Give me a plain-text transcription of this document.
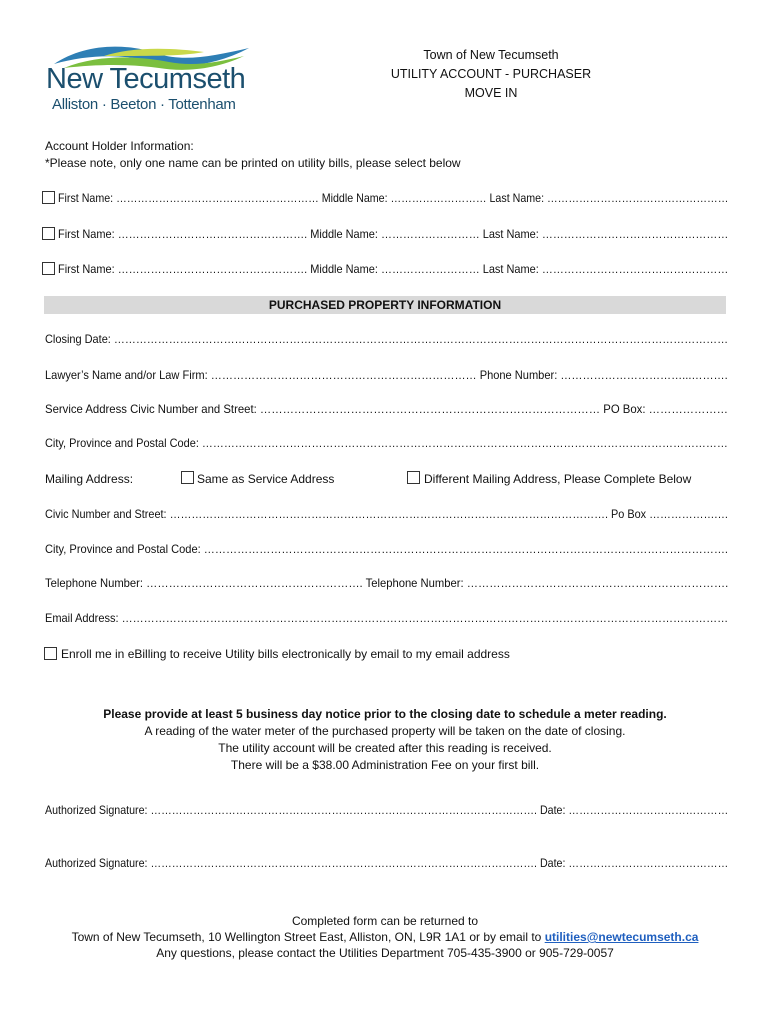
New Tecumseth
Alliston · Beeton · Tottenham
Town of New Tecumseth
UTILITY ACCOUNT - PURCHASER
MOVE IN
Account Holder Information:
*Please note, only one name can be printed on utility bills, please select below
First Name: ………………………………………………… Middle Name: ……………………… Last Name: ……………………………………………
First Name: ……………………………………………. Middle Name: ……………………… Last Name: ……………………………………………
First Name: ……………………………………………. Middle Name: ……………………… Last Name: ……………………………………………
PURCHASED PROPERTY INFORMATION
Closing Date: ……………………………………………………………………………………………………………………………………………………
Lawyer’s Name and/or Law Firm: ……………………………………………………………… Phone Number: ……………………………...……….
Service Address Civic Number and Street: ……………………………………………………………………………… PO Box: …………………
City, Province and Postal Code: ………………………………………………………………………………………………………………………………
Mailing Address:	Same as Service Address	Different Mailing Address, Please Complete Below
Civic Number and Street: …………………………………………………………………………………………………………. Po Box ……………….…
City, Province and Postal Code: …………………………………………………………………………………………………………………………….
Telephone Number: …………………………………………………. Telephone Number: …………………………………………………………….
Email Address: …………………………………………………………………………………………………………………………………………………
Enroll me in eBilling to receive Utility bills electronically by email to my email address
Please provide at least 5 business day notice prior to the closing date to schedule a meter reading.
A reading of the water meter of the purchased property will be taken on the date of closing.
The utility account will be created after this reading is received.
There will be a $38.00 Administration Fee on your first bill.
Authorized Signature: ………………………………………………………………………………………………. Date: ………………………………………
Authorized Signature: ………………………………………………………………………………………………. Date: ………………………………………
Completed form can be returned to
Town of New Tecumseth, 10 Wellington Street East, Alliston, ON, L9R 1A1 or by email to utilities@newtecumseth.ca
Any questions, please contact the Utilities Department 705-435-3900 or 905-729-0057
